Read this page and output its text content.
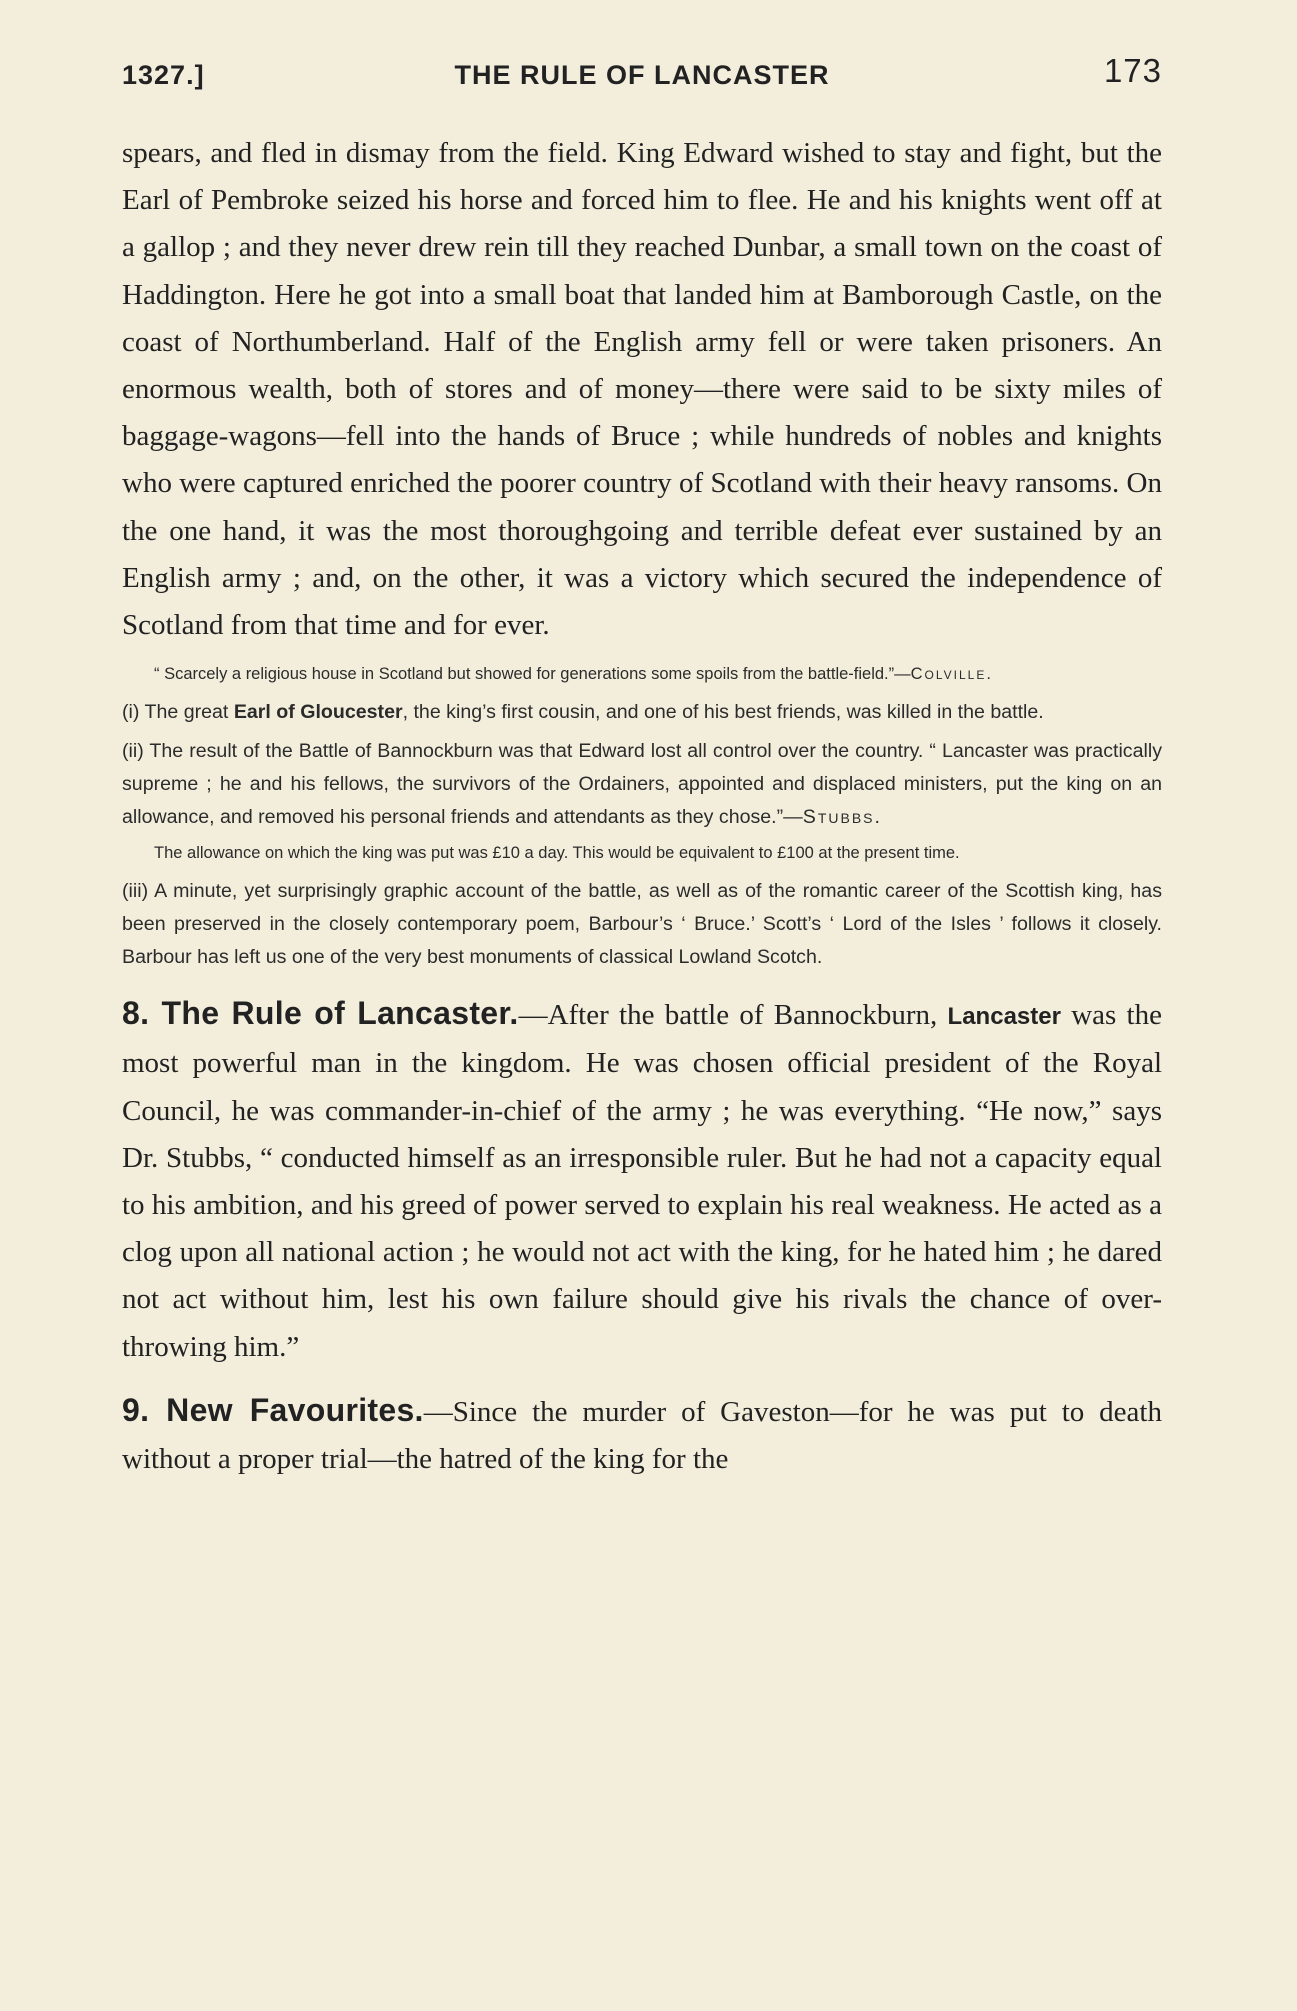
1327.]	THE RULE OF LANCASTER	173

spears, and fled in dismay from the field. King Edward wished to stay and fight, but the Earl of Pembroke seized his horse and forced him to flee. He and his knights went off at a gallop ; and they never drew rein till they reached Dunbar, a small town on the coast of Haddington. Here he got into a small boat that landed him at Bamborough Castle, on the coast of Northumberland. Half of the English army fell or were taken prisoners. An enormous wealth, both of stores and of money—there were said to be sixty miles of baggage-wagons—fell into the hands of Bruce ; while hundreds of nobles and knights who were captured enriched the poorer country of Scotland with their heavy ransoms. On the one hand, it was the most thoroughgoing and terrible defeat ever sustained by an English army ; and, on the other, it was a victory which secured the independence of Scotland from that time and for ever.

“ Scarcely a religious house in Scotland but showed for generations some spoils from the battle-field.”—Colville.

(i) The great Earl of Gloucester, the king’s first cousin, and one of his best friends, was killed in the battle.

(ii) The result of the Battle of Bannockburn was that Edward lost all control over the country. “ Lancaster was practically supreme ; he and his fellows, the survivors of the Ordainers, appointed and displaced ministers, put the king on an allowance, and removed his personal friends and attendants as they chose.”—Stubbs.

The allowance on which the king was put was £10 a day. This would be equivalent to £100 at the present time.

(iii) A minute, yet surprisingly graphic account of the battle, as well as of the romantic career of the Scottish king, has been preserved in the closely contemporary poem, Barbour’s ‘ Bruce.’ Scott’s ‘ Lord of the Isles ’ follows it closely. Barbour has left us one of the very best monuments of classical Lowland Scotch.

8. The Rule of Lancaster.—After the battle of Bannockburn, Lancaster was the most powerful man in the kingdom. He was chosen official president of the Royal Council, he was commander-in-chief of the army ; he was everything. “He now,” says Dr. Stubbs, “ conducted himself as an irresponsible ruler. But he had not a capacity equal to his ambition, and his greed of power served to explain his real weakness. He acted as a clog upon all national action ; he would not act with the king, for he hated him ; he dared not act without him, lest his own failure should give his rivals the chance of over-throwing him.”

9. New Favourites.—Since the murder of Gaveston—for he was put to death without a proper trial—the hatred of the king for the
